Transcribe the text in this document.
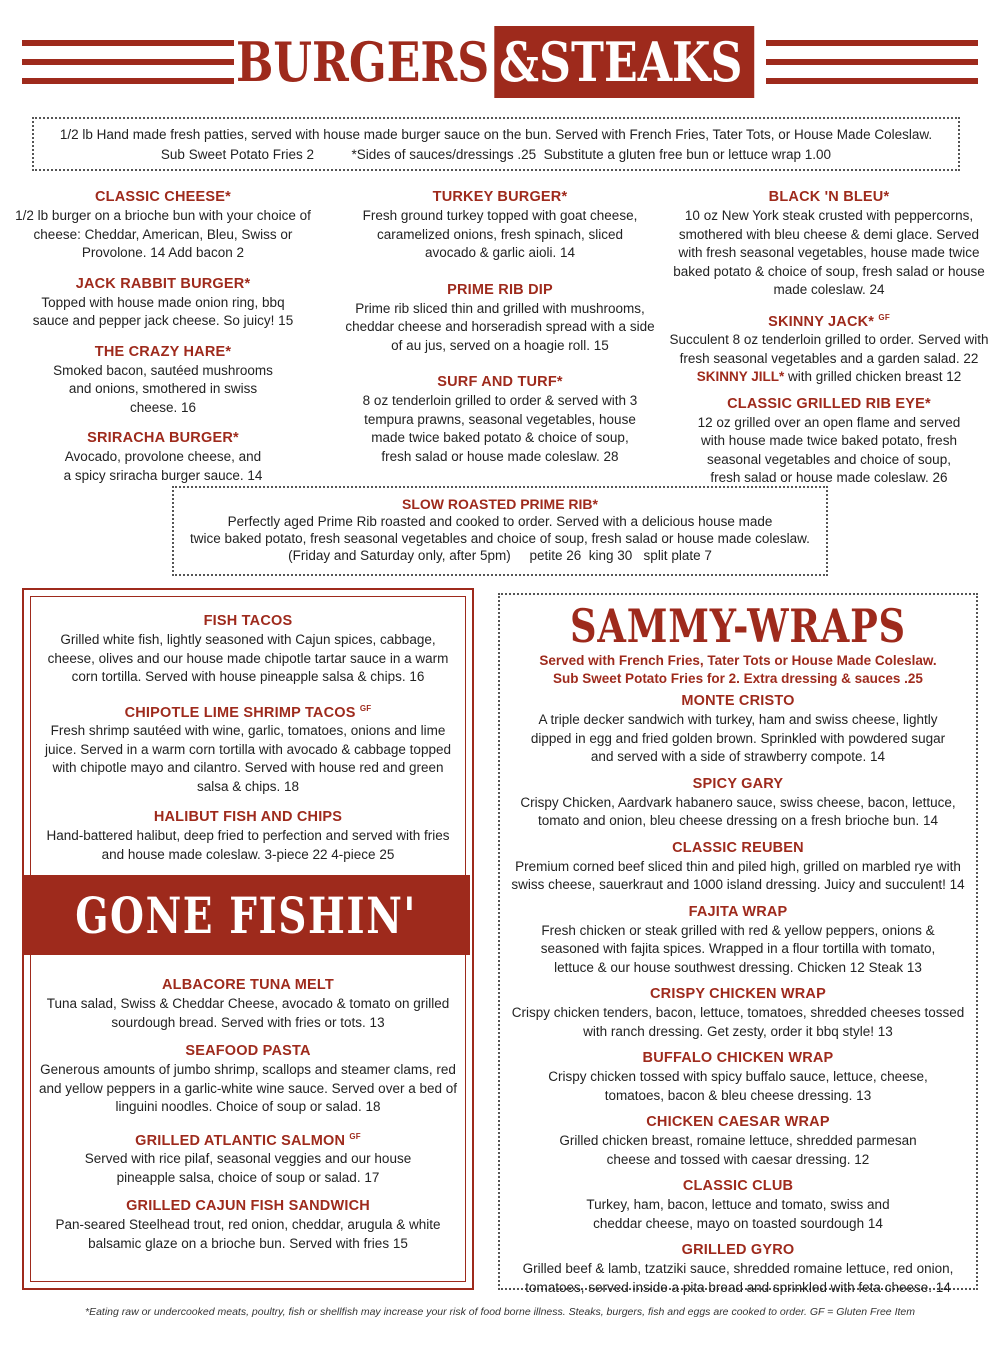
BURGERS & STEAKS
1/2 lb Hand made fresh patties, served with house made burger sauce on the bun. Served with French Fries, Tater Tots, or House Made Coleslaw.
Sub Sweet Potato Fries 2          *Sides of sauces/dressings .25  Substitute a gluten free bun or lettuce wrap 1.00
CLASSIC CHEESE*

1/2 lb burger on a brioche bun with your choice of cheese: Cheddar, American, Bleu, Swiss or Provolone. 14 Add bacon 2

JACK RABBIT BURGER*

Topped with house made onion ring, bbq sauce and pepper jack cheese. So juicy! 15

THE CRAZY HARE*

Smoked bacon, sautéed mushrooms and onions, smothered in swiss cheese. 16

SRIRACHA BURGER*

Avocado, provolone cheese, and a spicy sriracha burger sauce. 14

TURKEY BURGER*

Fresh ground turkey topped with goat cheese, caramelized onions, fresh spinach, sliced avocado & garlic aioli. 14

PRIME RIB DIP

Prime rib sliced thin and grilled with mushrooms, cheddar cheese and horseradish spread with a side of au jus, served on a hoagie roll. 15

SURF AND TURF*

8 oz tenderloin grilled to order & served with 3 tempura prawns, seasonal vegetables, house made twice baked potato & choice of soup, fresh salad or house made coleslaw. 28

BLACK 'N BLEU*

10 oz New York steak crusted with peppercorns, smothered with bleu cheese & demi glace. Served with fresh seasonal vegetables, house made twice baked potato & choice of soup, fresh salad or house made coleslaw. 24

SKINNY JACK* $^{GF}$

Succulent 8 oz tenderloin grilled to order. Served with fresh seasonal vegetables and a garden salad. 22

SKINNY JILL* with grilled chicken breast 12

CLASSIC GRILLED RIB EYE*

12 oz grilled over an open flame and served with house made twice baked potato, fresh seasonal vegetables and choice of soup, fresh salad or house made coleslaw. 26

SLOW ROASTED PRIME RIB*

Perfectly aged Prime Rib roasted and cooked to order. Served with a delicious house made

twice baked potato, fresh seasonal vegetables and choice of soup, fresh salad or house made coleslaw.

(Friday and Saturday only, after 5pm)     petite 26  king 30   split plate 7

FISH TACOS

Grilled white fish, lightly seasoned with Cajun spices, cabbage, cheese, olives and our house made chipotle tartar sauce in a warm corn tortilla. Served with house pineapple salsa & chips. 16

CHIPOTLE LIME SHRIMP TACOS $^{GF}$

Fresh shrimp sautéed with wine, garlic, tomatoes, onions and lime juice. Served in a warm corn tortilla with avocado & cabbage topped with chipotle mayo and cilantro. Served with house red and green salsa & chips. 18

HALIBUT FISH AND CHIPS

Hand-battered halibut, deep fried to perfection and served with fries and house made coleslaw. 3-piece 22 4-piece 25

GONE FISHIN'
ALBACORE TUNA MELT

Tuna salad, Swiss & Cheddar Cheese, avocado & tomato on grilled sourdough bread. Served with fries or tots. 13

SEAFOOD PASTA

Generous amounts of jumbo shrimp, scallops and steamer clams, red and yellow peppers in a garlic-white wine sauce. Served over a bed of linguini noodles. Choice of soup or salad. 18

GRILLED ATLANTIC SALMON $^{GF}$

Served with rice pilaf, seasonal veggies and our house pineapple salsa, choice of soup or salad. 17

GRILLED CAJUN FISH SANDWICH

Pan-seared Steelhead trout, red onion, cheddar, arugula & white balsamic glaze on a brioche bun. Served with fries 15

SAMMY-WRAPS
Served with French Fries, Tater Tots or House Made Coleslaw.
Sub Sweet Potato Fries for 2. Extra dressing & sauces .25
MONTE CRISTO

A triple decker sandwich with turkey, ham and swiss cheese, lightly dipped in egg and fried golden brown. Sprinkled with powdered sugar and served with a side of strawberry compote. 14

SPICY GARY

Crispy Chicken, Aardvark habanero sauce, swiss cheese, bacon, lettuce, tomato and onion, bleu cheese dressing on a fresh brioche bun. 14

CLASSIC REUBEN

Premium corned beef sliced thin and piled high, grilled on marbled rye with swiss cheese, sauerkraut and 1000 island dressing. Juicy and succulent! 14

FAJITA WRAP

Fresh chicken or steak grilled with red & yellow peppers, onions & seasoned with fajita spices. Wrapped in a flour tortilla with tomato, lettuce & our house southwest dressing. Chicken 12 Steak 13

CRISPY CHICKEN WRAP

Crispy chicken tenders, bacon, lettuce, tomatoes, shredded cheeses tossed with ranch dressing. Get zesty, order it bbq style! 13

BUFFALO CHICKEN WRAP

Crispy chicken tossed with spicy buffalo sauce, lettuce, cheese, tomatoes, bacon & bleu cheese dressing. 13

CHICKEN CAESAR WRAP

Grilled chicken breast, romaine lettuce, shredded parmesan cheese and tossed with caesar dressing. 12

CLASSIC CLUB

Turkey, ham, bacon, lettuce and tomato, swiss and cheddar cheese, mayo on toasted sourdough 14

GRILLED GYRO

Grilled beef & lamb, tzatziki sauce, shredded romaine lettuce, red onion, tomatoes, served inside a pita bread and sprinkled with feta cheese. 14

*Eating raw or undercooked meats, poultry, fish or shellfish may increase your risk of food borne illness. Steaks, burgers, fish and eggs are cooked to order. GF = Gluten Free Item
